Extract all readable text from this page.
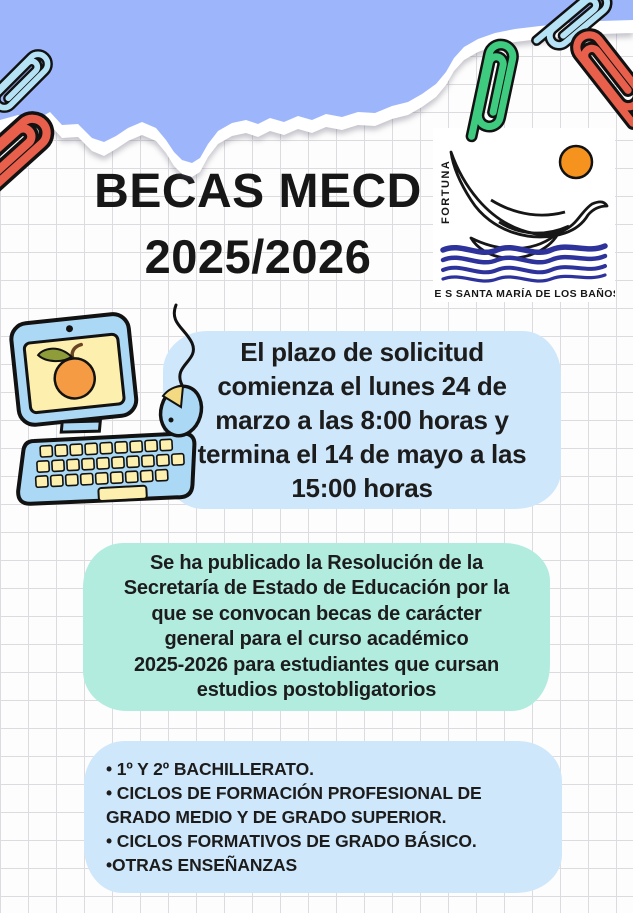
BECAS MECD
2025/2026
FORTUNA
I E S SANTA MARÍA DE LOS BAÑOS
El plazo de solicitud
comienza el lunes 24 de
marzo a las 8:00 horas y
termina el 14 de mayo a las
15:00 horas
Se ha publicado la Resolución de la
Secretaría de Estado de Educación por la
que se convocan becas de carácter
general para el curso académico
2025-2026 para estudiantes que cursan
estudios postobligatorios
• 1º Y 2º BACHILLERATO.
• CICLOS DE FORMACIÓN PROFESIONAL DE GRADO MEDIO Y DE GRADO SUPERIOR.
• CICLOS FORMATIVOS DE GRADO BÁSICO.
•OTRAS ENSEÑANZAS
